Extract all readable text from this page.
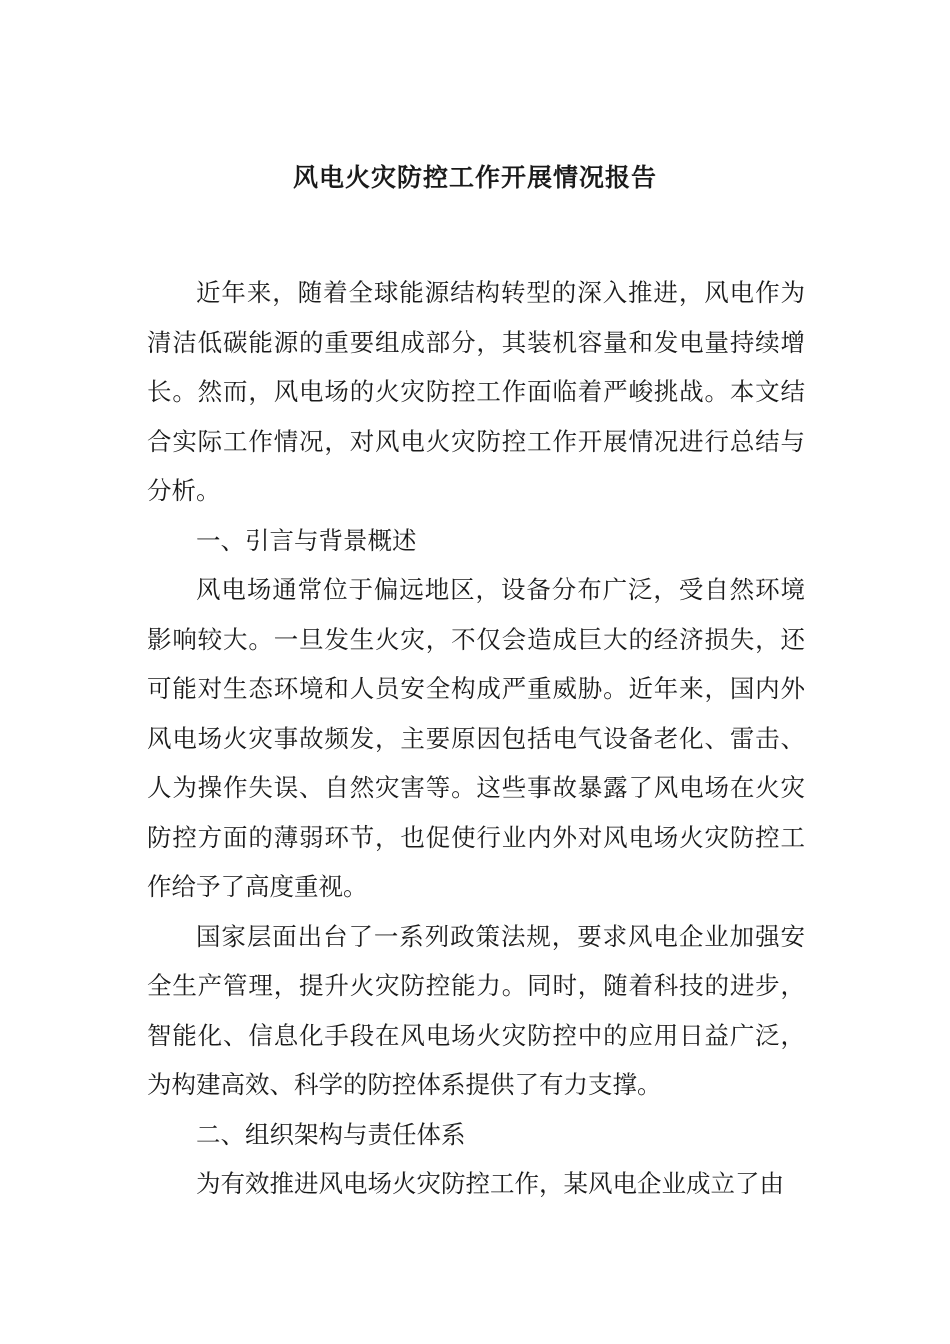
风电火灾防控工作开展情况报告

近年来，随着全球能源结构转型的深入推进，风电作为清洁低碳能源的重要组成部分，其装机容量和发电量持续增长。然而，风电场的火灾防控工作面临着严峻挑战。本文结合实际工作情况，对风电火灾防控工作开展情况进行总结与分析。

一、引言与背景概述

风电场通常位于偏远地区，设备分布广泛，受自然环境影响较大。一旦发生火灾，不仅会造成巨大的经济损失，还可能对生态环境和人员安全构成严重威胁。近年来，国内外风电场火灾事故频发，主要原因包括电气设备老化、雷击、人为操作失误、自然灾害等。这些事故暴露了风电场在火灾防控方面的薄弱环节，也促使行业内外对风电场火灾防控工作给予了高度重视。

国家层面出台了一系列政策法规，要求风电企业加强安全生产管理，提升火灾防控能力。同时，随着科技的进步，智能化、信息化手段在风电场火灾防控中的应用日益广泛，为构建高效、科学的防控体系提供了有力支撑。

二、组织架构与责任体系

为有效推进风电场火灾防控工作，某风电企业成立了由
